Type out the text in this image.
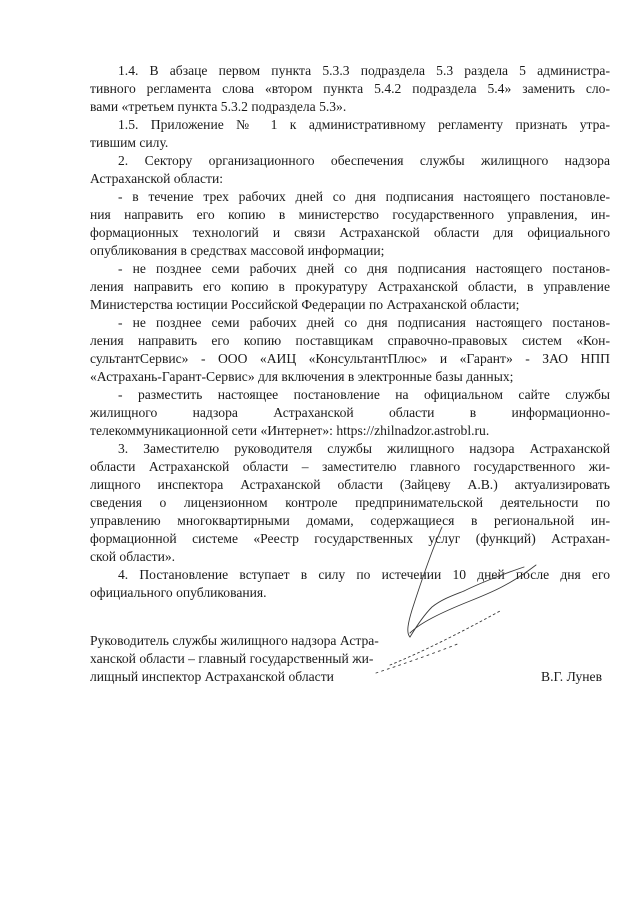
1.4. В абзаце первом пункта 5.3.3 подраздела 5.3 раздела 5 администра-
тивного регламента слова «втором пункта 5.4.2 подраздела 5.4» заменить сло-
вами «третьем пункта 5.3.2 подраздела 5.3».
1.5. Приложение № 1 к административному регламенту признать утра-
тившим силу.
2. Сектору организационного обеспечения службы жилищного надзора
Астраханской области:
- в течение трех рабочих дней со дня подписания настоящего постановле-
ния направить его копию в министерство государственного управления, ин-
формационных технологий и связи Астраханской области для официального
опубликования в средствах массовой информации;
- не позднее семи рабочих дней со дня подписания настоящего постанов-
ления направить его копию в прокуратуру Астраханской области, в управление
Министерства юстиции Российской Федерации по Астраханской области;
- не позднее семи рабочих дней со дня подписания настоящего постанов-
ления направить его копию поставщикам справочно-правовых систем «Кон-
сультантСервис» - ООО «АИЦ «КонсультантПлюс» и «Гарант» - ЗАО НПП
«Астрахань-Гарант-Сервис» для включения в электронные базы данных;
- разместить настоящее постановление на официальном сайте службы
жилищного надзора Астраханской области в информационно-
телекоммуникационной сети «Интернет»: https://zhilnadzor.astrobl.ru.
3. Заместителю руководителя службы жилищного надзора Астраханской
области Астраханской области – заместителю главного государственного жи-
лищного инспектора Астраханской области (Зайцеву А.В.) актуализировать
сведения о лицензионном контроле предпринимательской деятельности по
управлению многоквартирными домами, содержащиеся в региональной ин-
формационной системе «Реестр государственных услуг (функций) Астрахан-
ской области».
4. Постановление вступает в силу по истечении 10 дней после дня его
официального опубликования.
Руководитель службы жилищного надзора Астра-
ханской области – главный государственный жи-
лищный инспектор Астраханской области	В.Г. Лунев
